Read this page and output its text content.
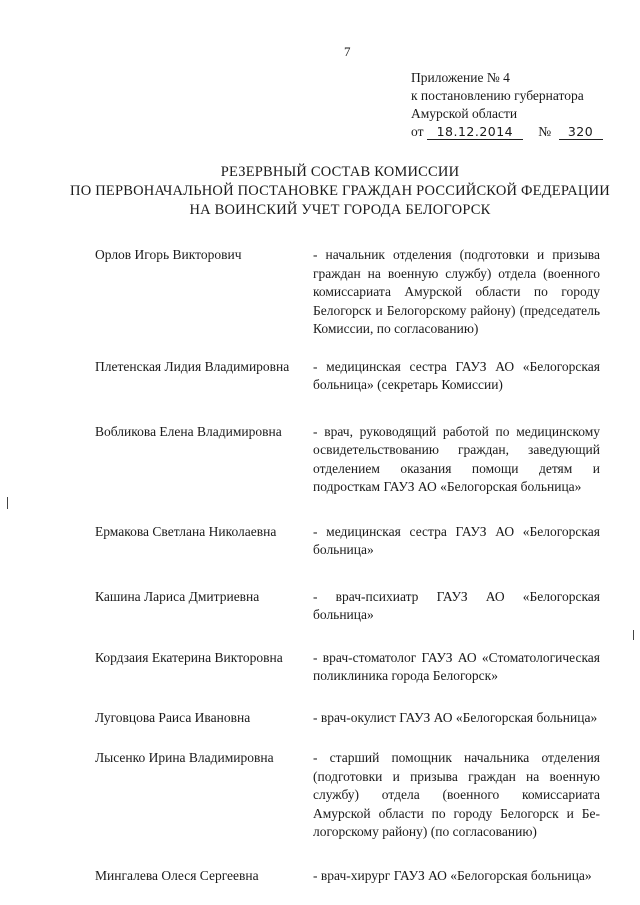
7
Приложение № 4
к постановлению губернатора
Амурской области
от 18.12.2014 № 320
РЕЗЕРВНЫЙ СОСТАВ КОМИССИИ
ПО ПЕРВОНАЧАЛЬНОЙ ПОСТАНОВКЕ ГРАЖДАН РОССИЙСКОЙ ФЕДЕРАЦИИ
НА ВОИНСКИЙ УЧЕТ ГОРОДА БЕЛОГОРСК
Орлов Игорь Викторович	- начальник отделения (подготовки и призыва граждан на военную службу) отдела (военного комиссариата Амурской области по городу Белогорск и Белогорскому району) (председатель Комиссии, по согласованию)
Плетенская Лидия Владимировна	- медицинская сестра ГАУЗ АО «Белогорская больница» (секретарь Комиссии)
Вобликова Елена Владимировна	- врач, руководящий работой по медицинскому освидетельствованию граждан, заведующий отделением оказания помощи детям и подросткам ГАУЗ АО «Белогорская больница»
Ермакова Светлана Николаевна	- медицинская сестра ГАУЗ АО «Белогорская больница»
Кашина Лариса Дмитриевна	- врач-психиатр ГАУЗ АО «Белогорская больница»
Кордзаия Екатерина Викторовна	- врач-стоматолог ГАУЗ АО «Стоматологическая поликлиника города Белогорск»
Луговцова Раиса Ивановна	- врач-окулист ГАУЗ АО «Белогорская больница»
Лысенко Ирина Владимировна	- старший помощник начальника отделения (подготовки и призыва граждан на военную службу) отдела (военного комиссариата Амурской области по городу Белогорск и Белогорскому району) (по согласованию)
Мингалева Олеся Сергеевна	- врач-хирург ГАУЗ АО «Белогорская больница»
